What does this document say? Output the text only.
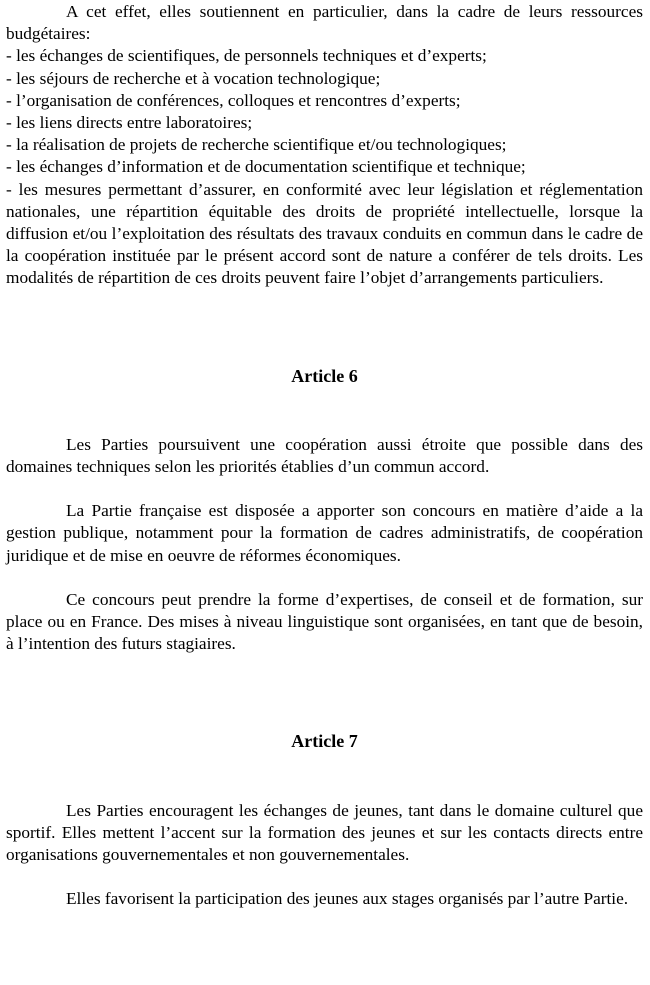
A cet effet, elles soutiennent en particulier, dans la cadre de leurs ressources budgétaires:

- les échanges de scientifiques, de personnels techniques et d’experts;

- les séjours de recherche et à vocation technologique;

- l’organisation de conférences, colloques et rencontres d’experts;

- les liens directs entre laboratoires;

- la réalisation de projets de recherche scientifique et/ou technologiques;

- les échanges d’information et de documentation scientifique et technique;

- les mesures permettant d’assurer, en conformité avec leur législation et réglementation nationales, une répartition équitable des droits de propriété intellectuelle, lorsque la diffusion et/ou l’exploitation des résultats des travaux conduits en commun dans le cadre de la coopération instituée par le présent accord sont de nature a conférer de tels droits. Les modalités de répartition de ces droits peuvent faire l’objet d’arrangements particuliers.

Article 6

Les Parties poursuivent une coopération aussi étroite que possible dans des domaines techniques selon les priorités établies d’un commun accord.

La Partie française est disposée a apporter son concours en matière d’aide a la gestion publique, notamment pour la formation de cadres administratifs, de coopération juridique et de mise en oeuvre de réformes économiques.

Ce concours peut prendre la forme d’expertises, de conseil et de formation, sur place ou en France. Des mises à niveau linguistique sont organisées, en tant que de besoin, à l’intention des futurs stagiaires.

Article 7

Les Parties encouragent les échanges de jeunes, tant dans le domaine culturel que sportif. Elles mettent l’accent sur la formation des jeunes et sur les contacts directs entre organisations gouvernementales et non gouvernementales.

Elles favorisent la participation des jeunes aux stages organisés par l’autre Partie.
